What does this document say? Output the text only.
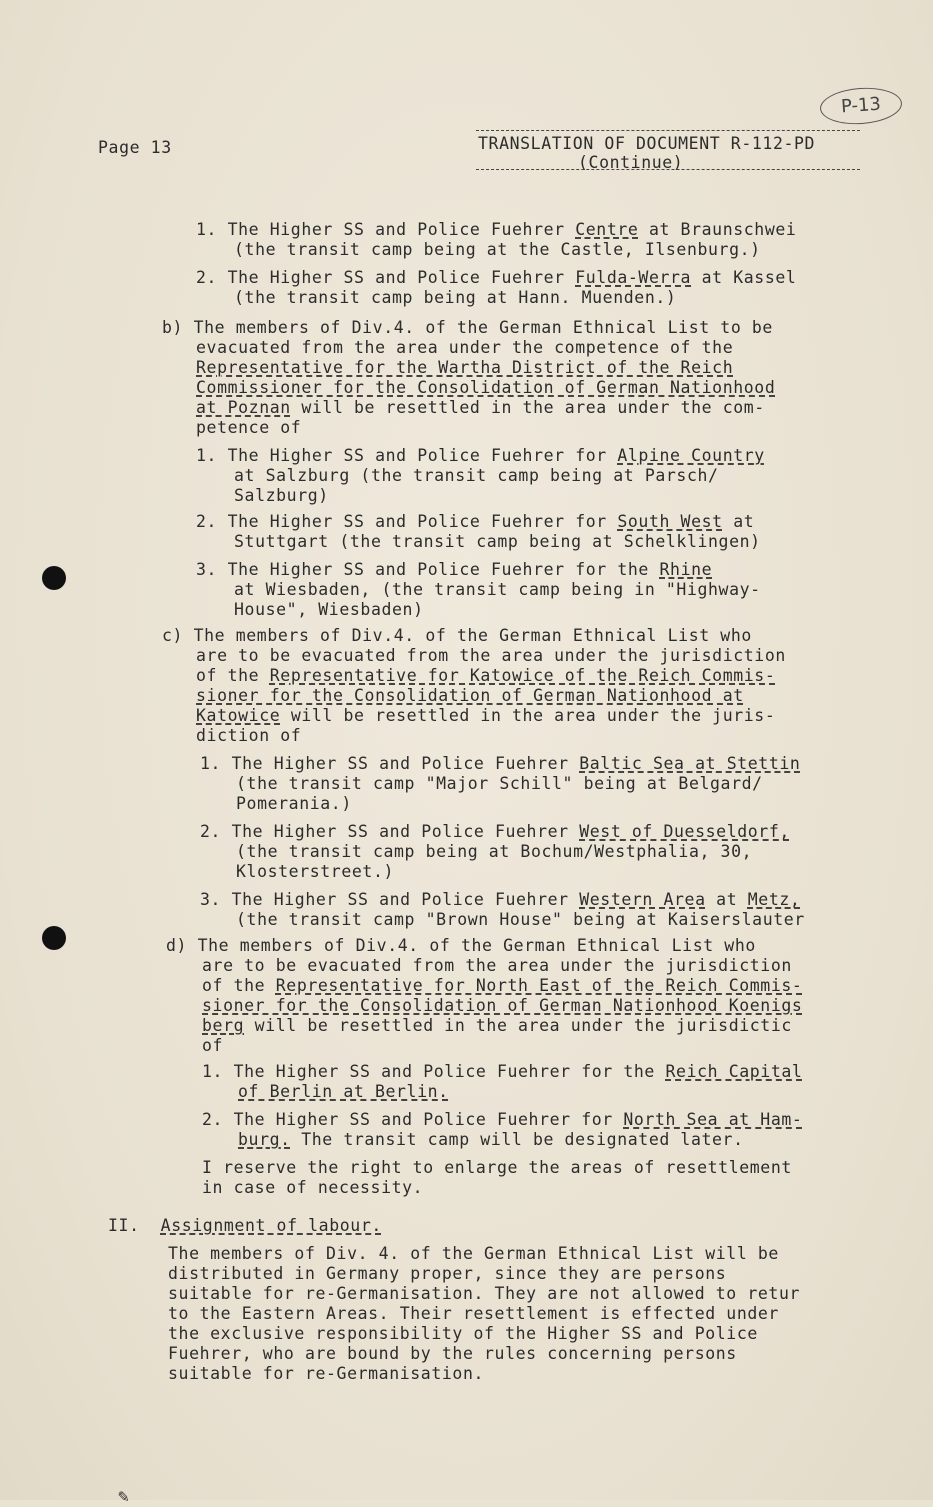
Page 13	TRANSLATION OF DOCUMENT R-112-PD
(Continue)
P-13
1. The Higher SS and Police Fuehrer Centre at Braunschwei
(the transit camp being at the Castle, Ilsenburg.)
2. The Higher SS and Police Fuehrer Fulda-Werra at Kassel
(the transit camp being at Hann. Muenden.)
b) The members of Div.4. of the German Ethnical List to be
evacuated from the area under the competence of the
Representative for the Wartha District of the Reich
Commissioner for the Consolidation of German Nationhood
at Poznan will be resettled in the area under the com-
petence of
1. The Higher SS and Police Fuehrer for Alpine Country
at Salzburg (the transit camp being at Parsch/
Salzburg)
2. The Higher SS and Police Fuehrer for South West at
Stuttgart (the transit camp being at Schelklingen)
3. The Higher SS and Police Fuehrer for the Rhine
at Wiesbaden, (the transit camp being in "Highway-
House", Wiesbaden)
c) The members of Div.4. of the German Ethnical List who
are to be evacuated from the area under the jurisdiction
of the Representative for Katowice of the Reich Commis-
sioner for the Consolidation of German Nationhood at
Katowice will be resettled in the area under the juris-
diction of
1. The Higher SS and Police Fuehrer Baltic Sea at Stettin
(the transit camp "Major Schill" being at Belgard/
Pomerania.)
2. The Higher SS and Police Fuehrer West of Duesseldorf,
(the transit camp being at Bochum/Westphalia, 30,
Klosterstreet.)
3. The Higher SS and Police Fuehrer Western Area at Metz,
(the transit camp "Brown House" being at Kaiserslauter
d) The members of Div.4. of the German Ethnical List who
are to be evacuated from the area under the jurisdiction
of the Representative for North East of the Reich Commis-
sioner for the Consolidation of German Nationhood Koenigs
berg will be resettled in the area under the jurisdictic
of
1. The Higher SS and Police Fuehrer for the Reich Capital
of Berlin at Berlin.
2. The Higher SS and Police Fuehrer for North Sea at Ham-
burg. The transit camp will be designated later.
I reserve the right to enlarge the areas of resettlement
in case of necessity.
II.  Assignment of labour.
The members of Div. 4. of the German Ethnical List will be
distributed in Germany proper, since they are persons
suitable for re-Germanisation. They are not allowed to retur
to the Eastern Areas. Their resettlement is effected under
the exclusive responsibility of the Higher SS and Police
Fuehrer, who are bound by the rules concerning persons
suitable for re-Germanisation.
✎
